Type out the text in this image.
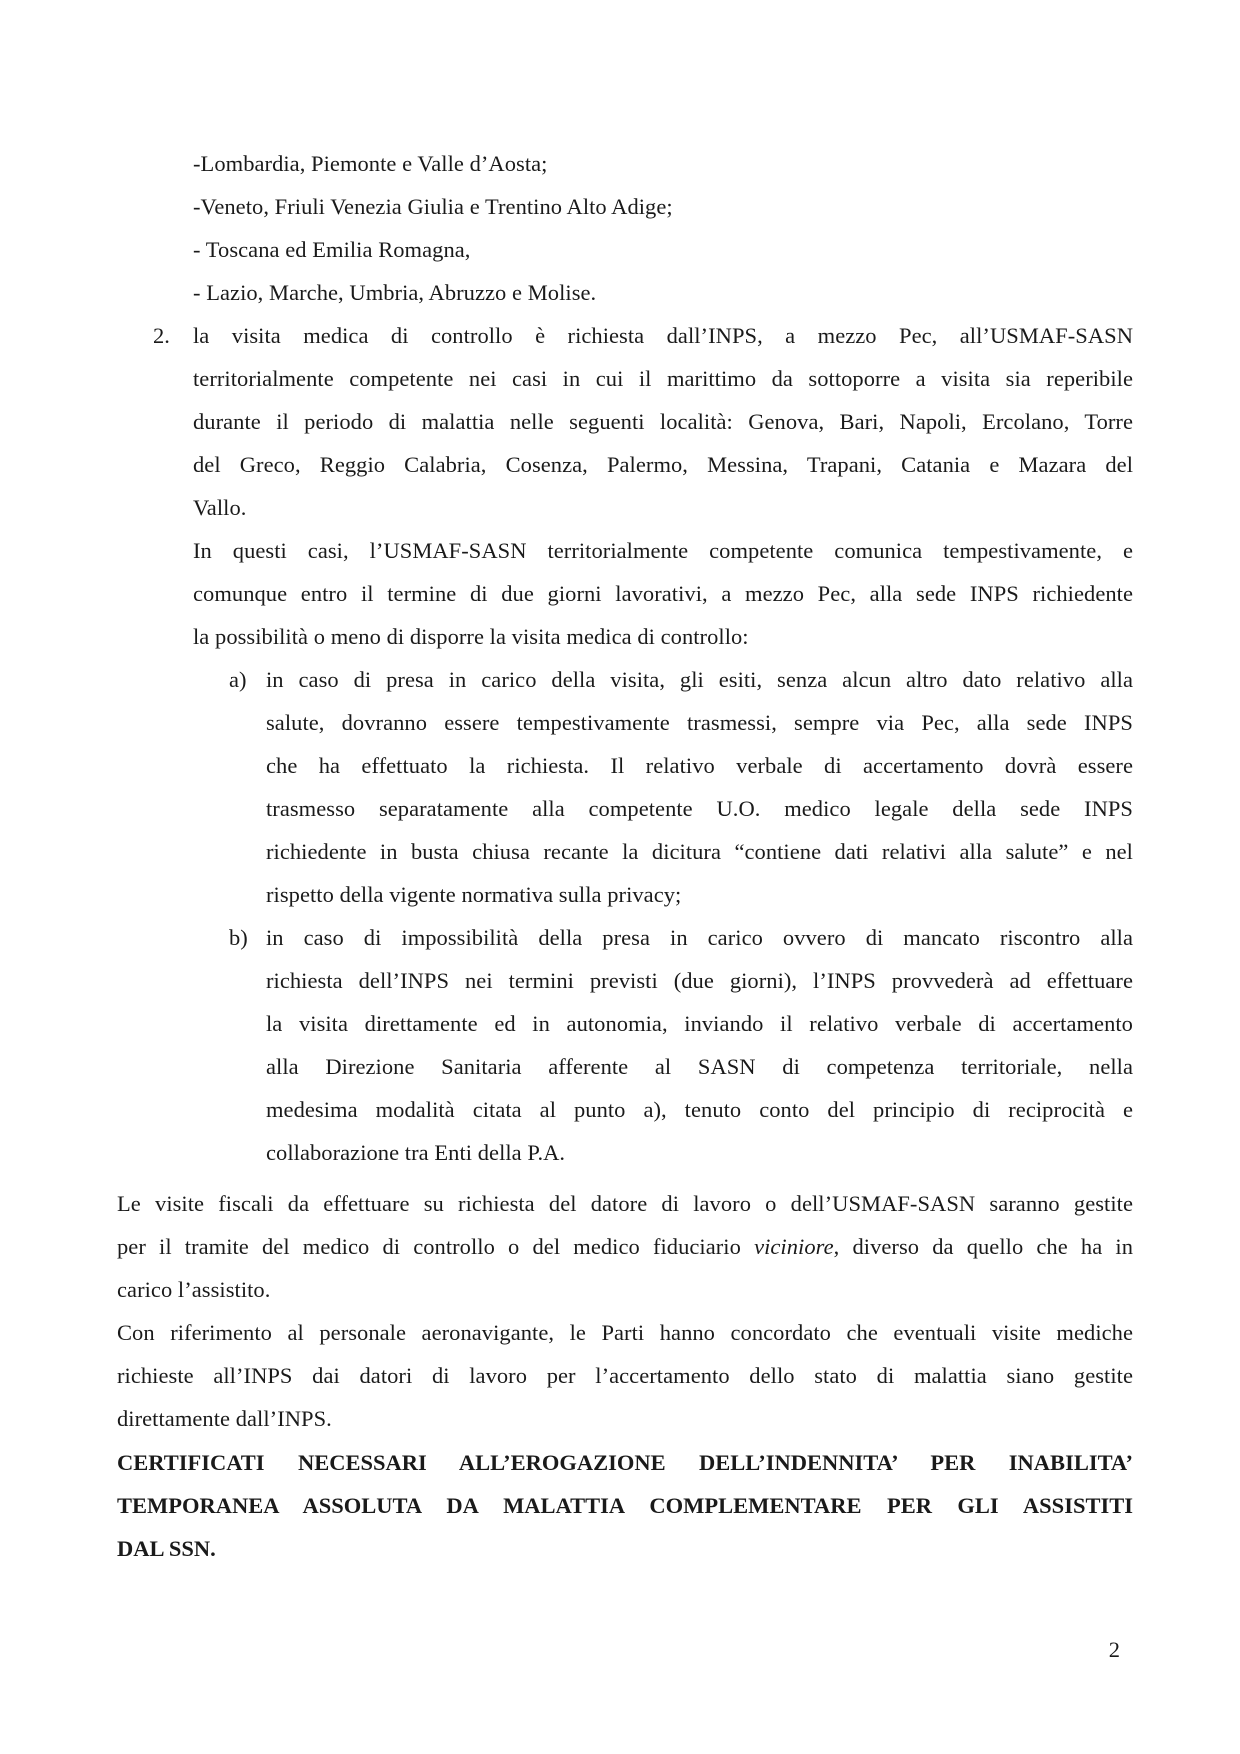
-Lombardia, Piemonte e Valle d’Aosta;
-Veneto, Friuli Venezia Giulia e Trentino Alto Adige;
- Toscana ed Emilia Romagna,
- Lazio, Marche, Umbria, Abruzzo e Molise.
2. la visita medica di controllo è richiesta dall’INPS, a mezzo Pec, all’USMAF-SASN
territorialmente competente nei casi in cui il marittimo da sottoporre a visita sia reperibile
durante il periodo di malattia nelle seguenti località: Genova, Bari, Napoli, Ercolano, Torre
del Greco, Reggio Calabria, Cosenza, Palermo, Messina, Trapani, Catania e Mazara del
Vallo.
In questi casi, l’USMAF-SASN territorialmente competente comunica tempestivamente, e
comunque entro il termine di due giorni lavorativi, a mezzo Pec, alla sede INPS richiedente
la possibilità o meno di disporre la visita medica di controllo:
a) in caso di presa in carico della visita, gli esiti, senza alcun altro dato relativo alla
salute, dovranno essere tempestivamente trasmessi, sempre via Pec, alla sede INPS
che ha effettuato la richiesta. Il relativo verbale di accertamento dovrà essere
trasmesso separatamente alla competente U.O. medico legale della sede INPS
richiedente in busta chiusa recante la dicitura “contiene dati relativi alla salute” e nel
rispetto della vigente normativa sulla privacy;
b) in caso di impossibilità della presa in carico ovvero di mancato riscontro alla
richiesta dell’INPS nei termini previsti (due giorni), l’INPS provvederà ad effettuare
la visita direttamente ed in autonomia, inviando il relativo verbale di accertamento
alla Direzione Sanitaria afferente al SASN di competenza territoriale, nella
medesima modalità citata al punto a), tenuto conto del principio di reciprocità e
collaborazione tra Enti della P.A.
Le visite fiscali da effettuare su richiesta del datore di lavoro o dell’USMAF-SASN saranno gestite
per il tramite del medico di controllo o del medico fiduciario viciniore, diverso da quello che ha in
carico l’assistito.
Con riferimento al personale aeronavigante, le Parti hanno concordato che eventuali visite mediche
richieste all’INPS dai datori di lavoro per l’accertamento dello stato di malattia siano gestite
direttamente dall’INPS.
CERTIFICATI NECESSARI ALL’EROGAZIONE DELL’INDENNITA’ PER INABILITA’
TEMPORANEA ASSOLUTA DA MALATTIA COMPLEMENTARE PER GLI ASSISTITI
DAL SSN.
2
